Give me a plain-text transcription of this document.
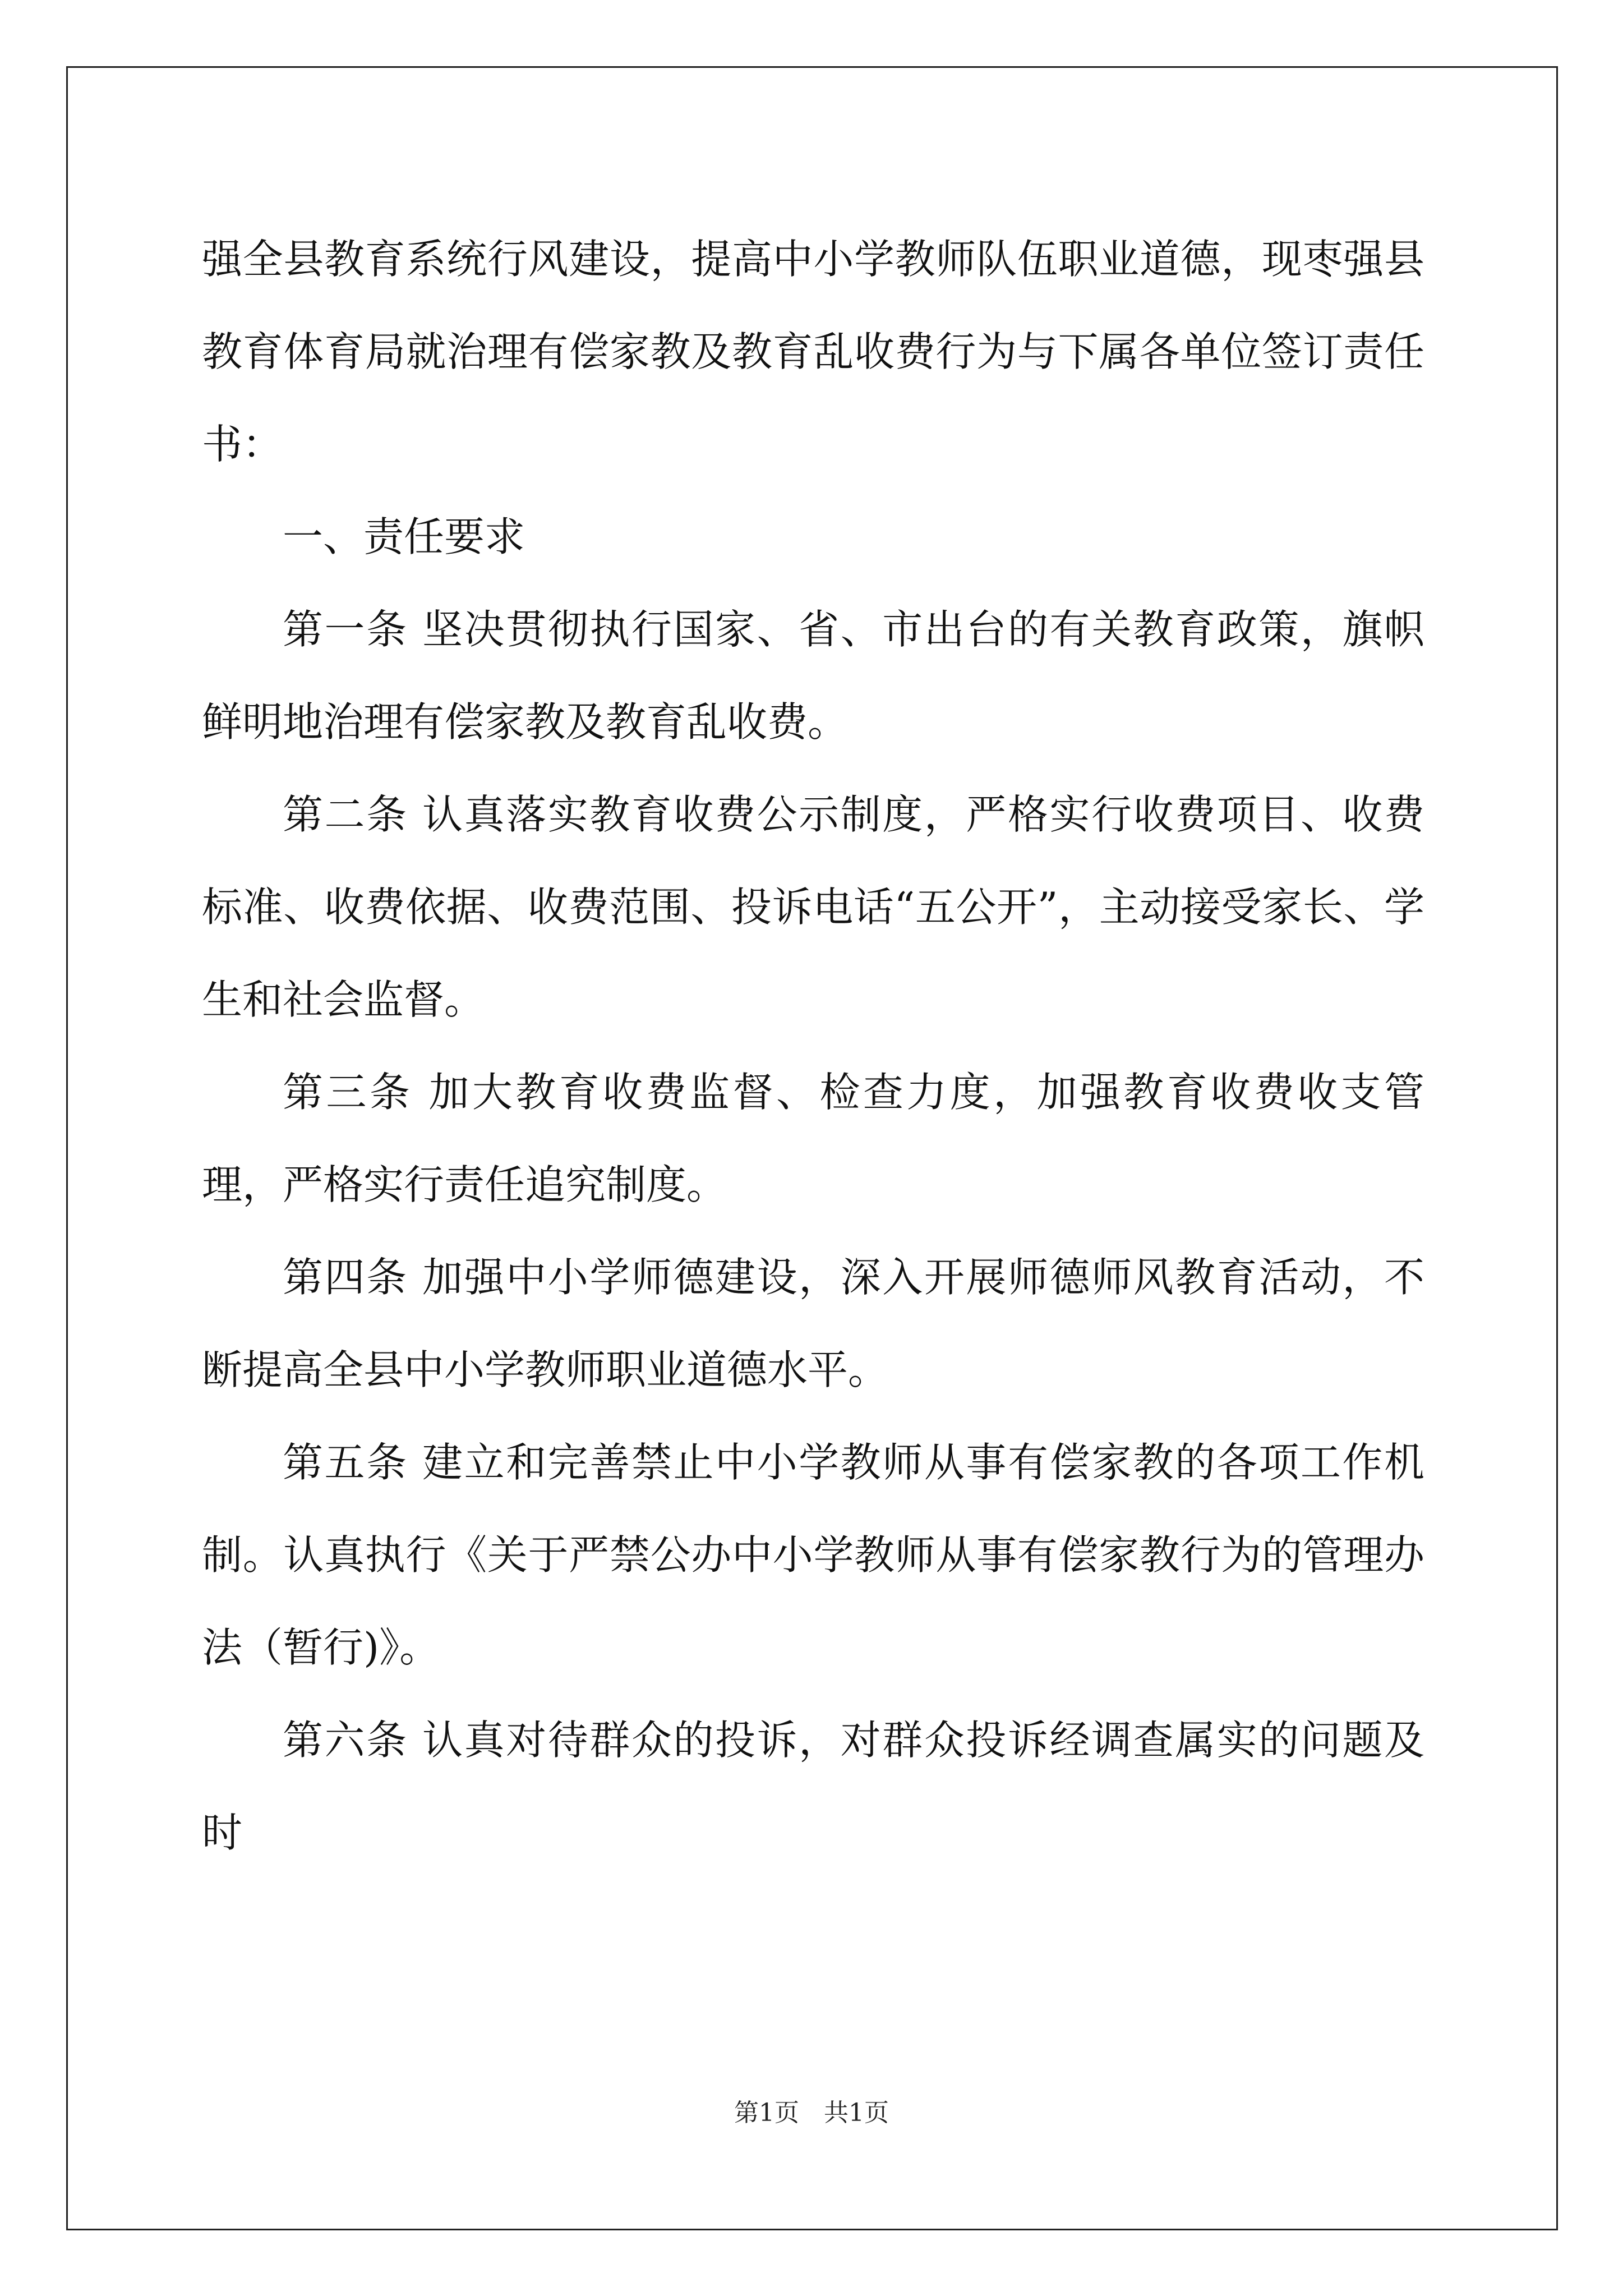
强全县教育系统行风建设，提高中小学教师队伍职业道德，现枣强县教育体育局就治理有偿家教及教育乱收费行为与下属各单位签订责任书：

一、责任要求

第一条 坚决贯彻执行国家、省、市出台的有关教育政策，旗帜鲜明地治理有偿家教及教育乱收费。

第二条 认真落实教育收费公示制度，严格实行收费项目、收费标准、收费依据、收费范围、投诉电话“五公开”，主动接受家长、学生和社会监督。

第三条 加大教育收费监督、检查力度，加强教育收费收支管理，严格实行责任追究制度。

第四条 加强中小学师德建设，深入开展师德师风教育活动，不断提高全县中小学教师职业道德水平。

第五条 建立和完善禁止中小学教师从事有偿家教的各项工作机制。认真执行《关于严禁公办中小学教师从事有偿家教行为的管理办法（暂行)》。

第六条 认真对待群众的投诉，对群众投诉经调查属实的问题及时

第1页　共1页
